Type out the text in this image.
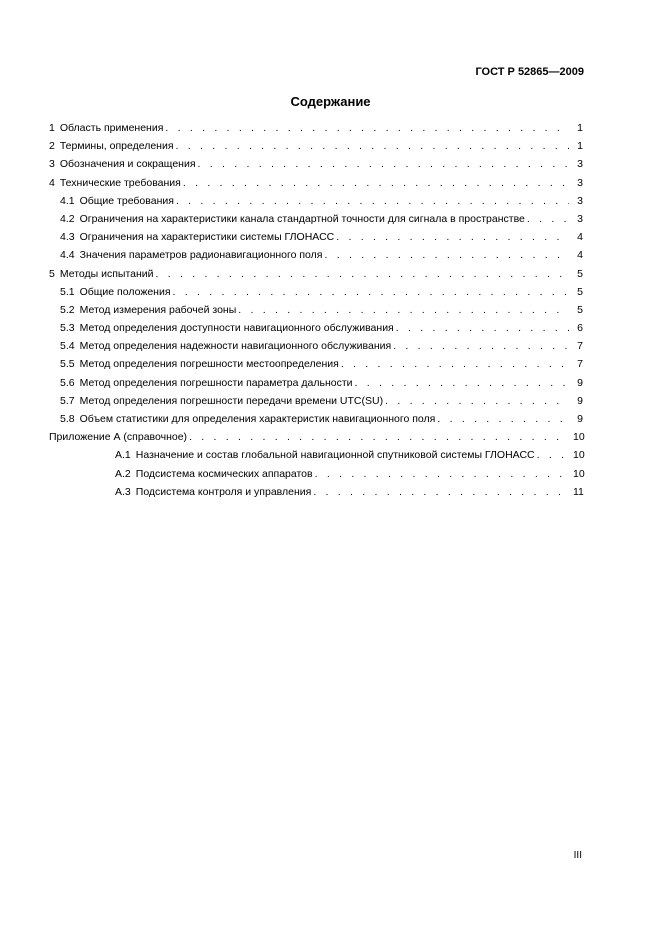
ГОСТ Р 52865—2009
Содержание
1 Область применения . . .	1
2 Термины, определения . . .	1
3 Обозначения и сокращения . . .	3
4 Технические требования . . .	3
4.1 Общие требования . . .	3
4.2 Ограничения на характеристики канала стандартной точности для сигнала в пространстве . . .	3
4.3 Ограничения на характеристики системы ГЛОНАСС . . .	4
4.4 Значения параметров радионавигационного поля . . .	4
5 Методы испытаний . . .	5
5.1 Общие положения . . .	5
5.2 Метод измерения рабочей зоны . . .	5
5.3 Метод определения доступности навигационного обслуживания . . .	6
5.4 Метод определения надежности навигационного обслуживания . . .	7
5.5 Метод определения погрешности местоопределения . . .	7
5.6 Метод определения погрешности параметра дальности . . .	9
5.7 Метод определения погрешности передачи времени UTC(SU) . . .	9
5.8 Объем статистики для определения характеристик навигационного поля . . .	9
Приложение А (справочное) . . .	10
А.1 Назначение и состав глобальной навигационной спутниковой системы ГЛОНАСС . . .	10
А.2 Подсистема космических аппаратов . . .	10
А.3 Подсистема контроля и управления . . .	11
III
